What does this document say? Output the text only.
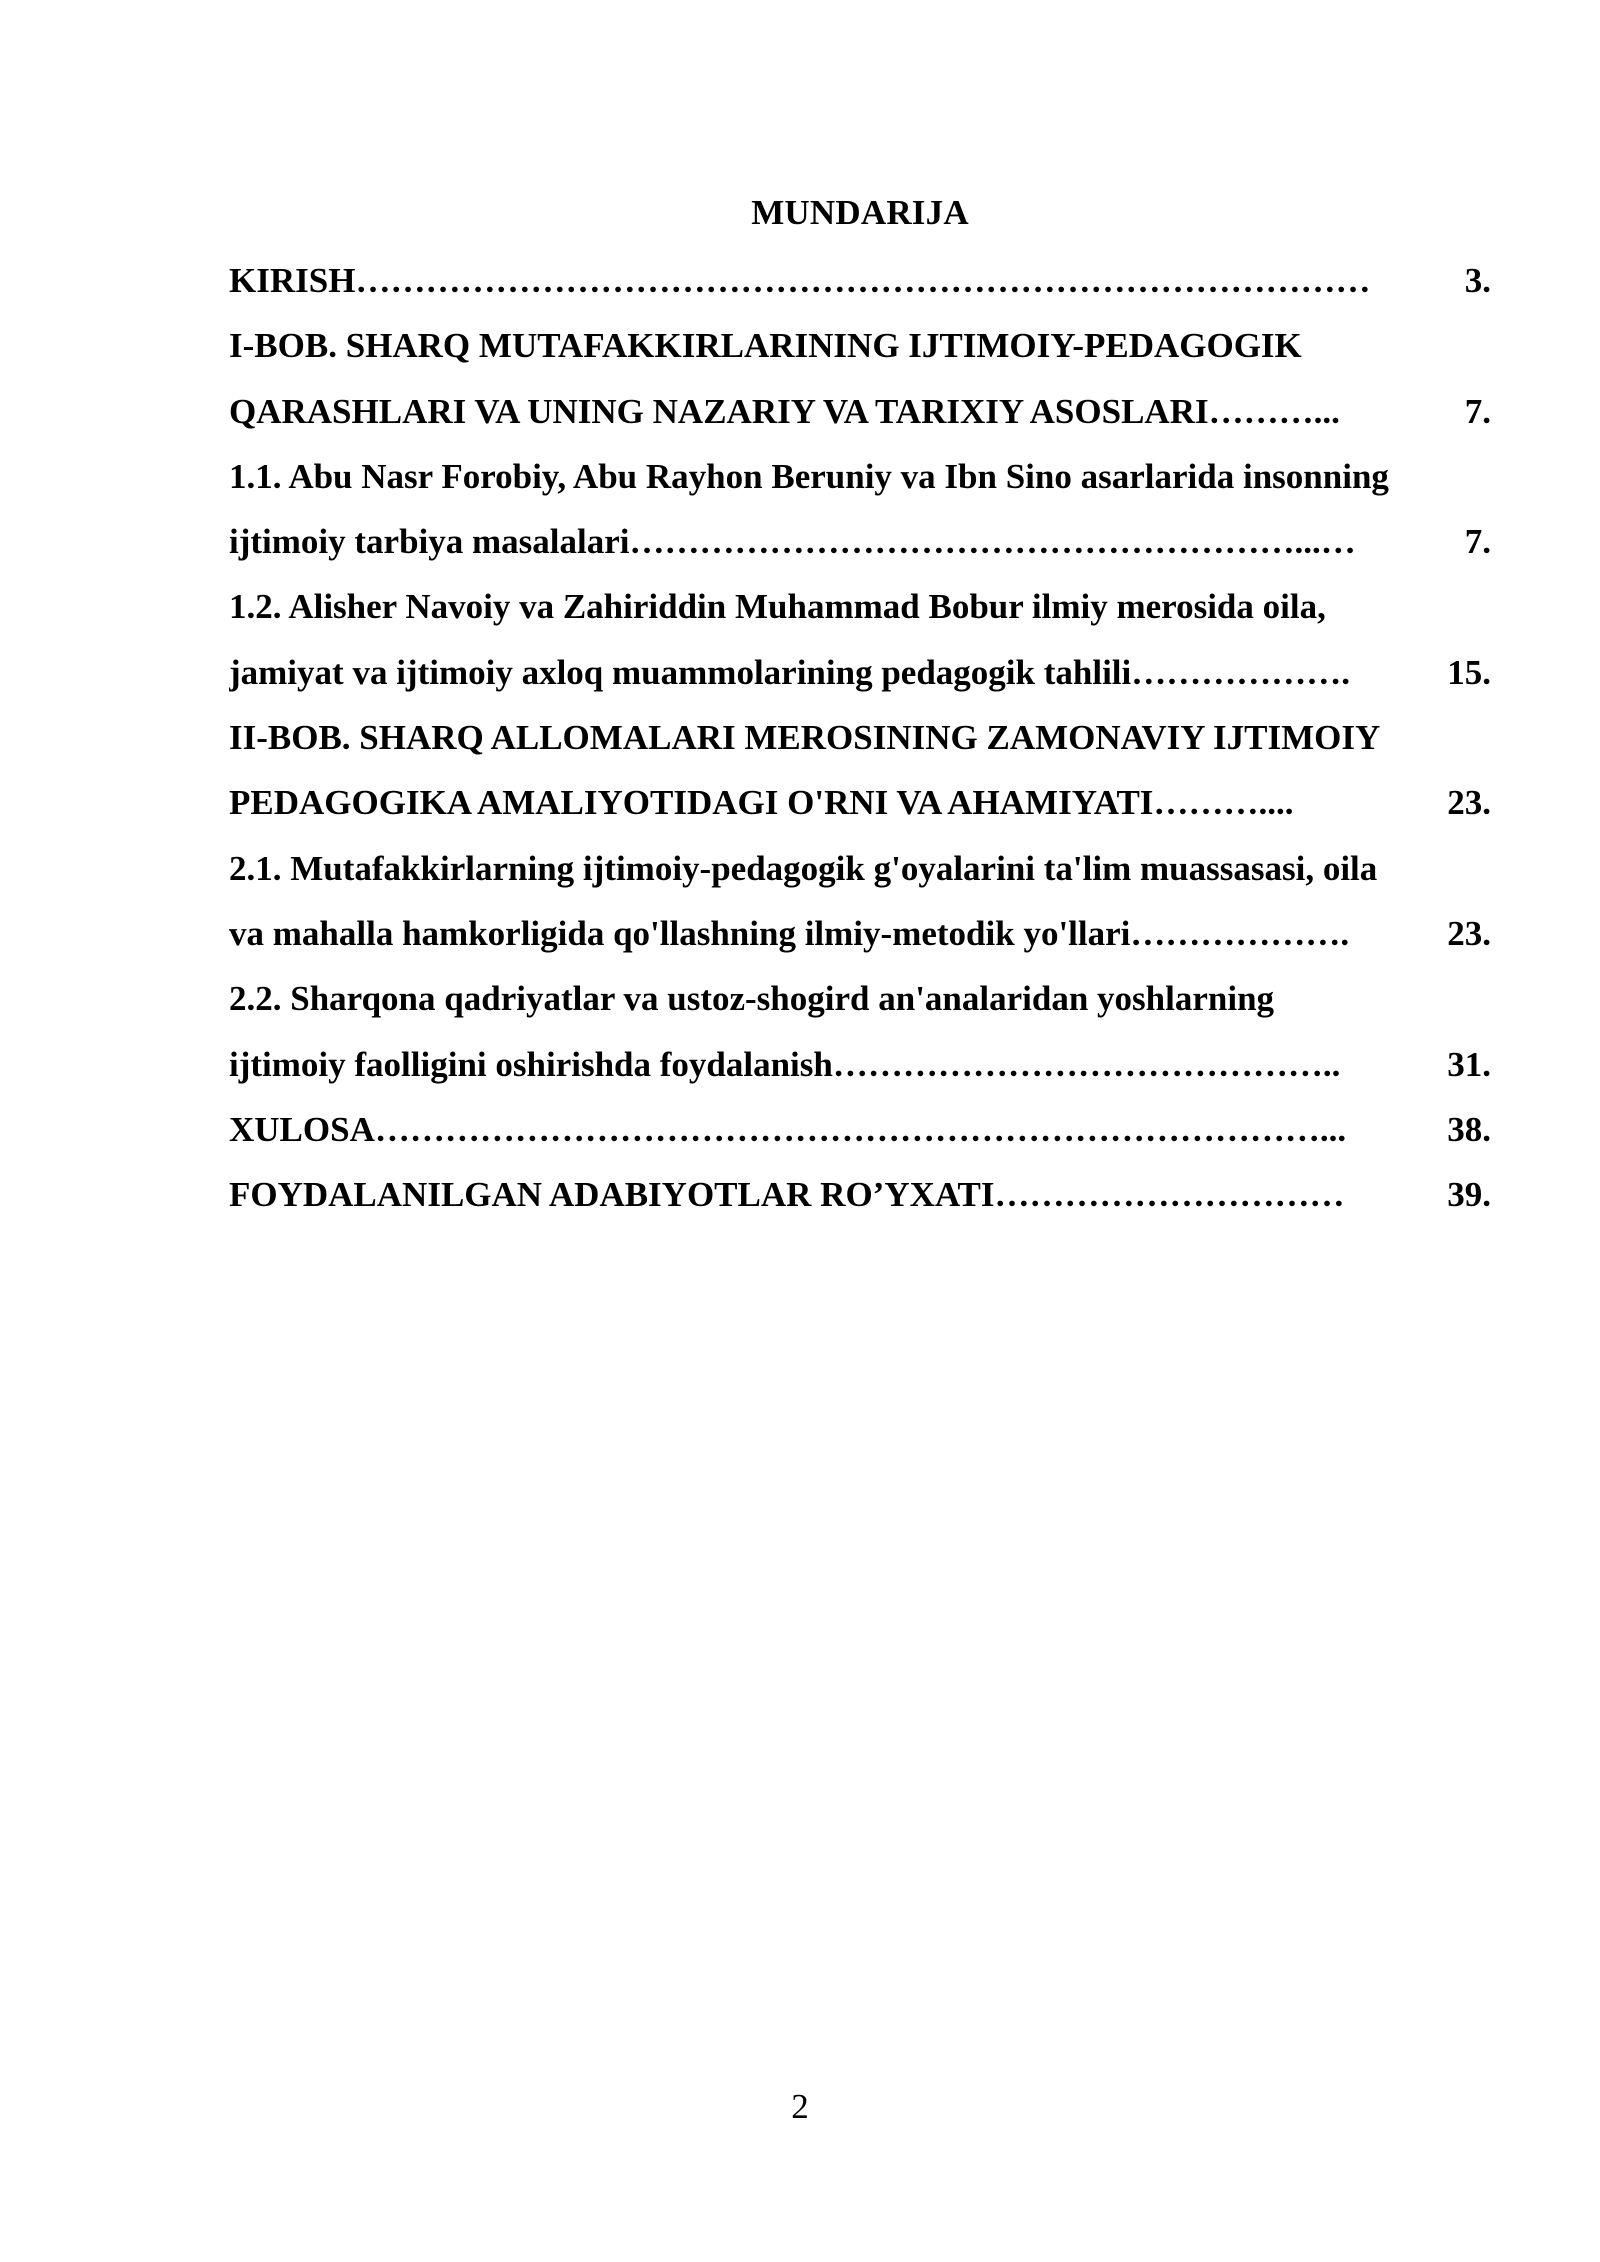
MUNDARIJA
KIRISH ……………………………………………………………………………	3.
I-BOB. SHARQ MUTAFAKKIRLARINING IJTIMOIY-PEDAGOGIK
QARASHLARI VA UNING NAZARIY VA TARIXIY ASOSLARI ………...	7.
1.1. Abu Nasr Forobiy, Abu Rayhon Beruniy va Ibn Sino asarlarida insonning
ijtimoiy tarbiya masalalari …………………………………………………...…	7.
1.2. Alisher Navoiy va Zahiriddin Muhammad Bobur ilmiy merosida oila,
jamiyat va ijtimoiy axloq muammolarining pedagogik tahlili ……………….	15.
II-BOB. SHARQ ALLOMALARI MEROSINING ZAMONAVIY IJTIMOIY
PEDAGOGIKA AMALIYOTIDAGI O'RNI VA AHAMIYATI ………....	23.
2.1. Mutafakkirlarning ijtimoiy-pedagogik g'oyalarini ta'lim muassasasi, oila
va mahalla hamkorligida qo'llashning ilmiy-metodik yo'llari ……………….	23.
2.2. Sharqona qadriyatlar va ustoz-shogird an'analaridan yoshlarning
ijtimoiy faolligini oshirishda foydalanish ……………………………………..	31.
XULOSA ………………………………………………………………………...	38.
FOYDALANILGAN ADABIYOTLAR RO’YXATI …………………………	39.
2
